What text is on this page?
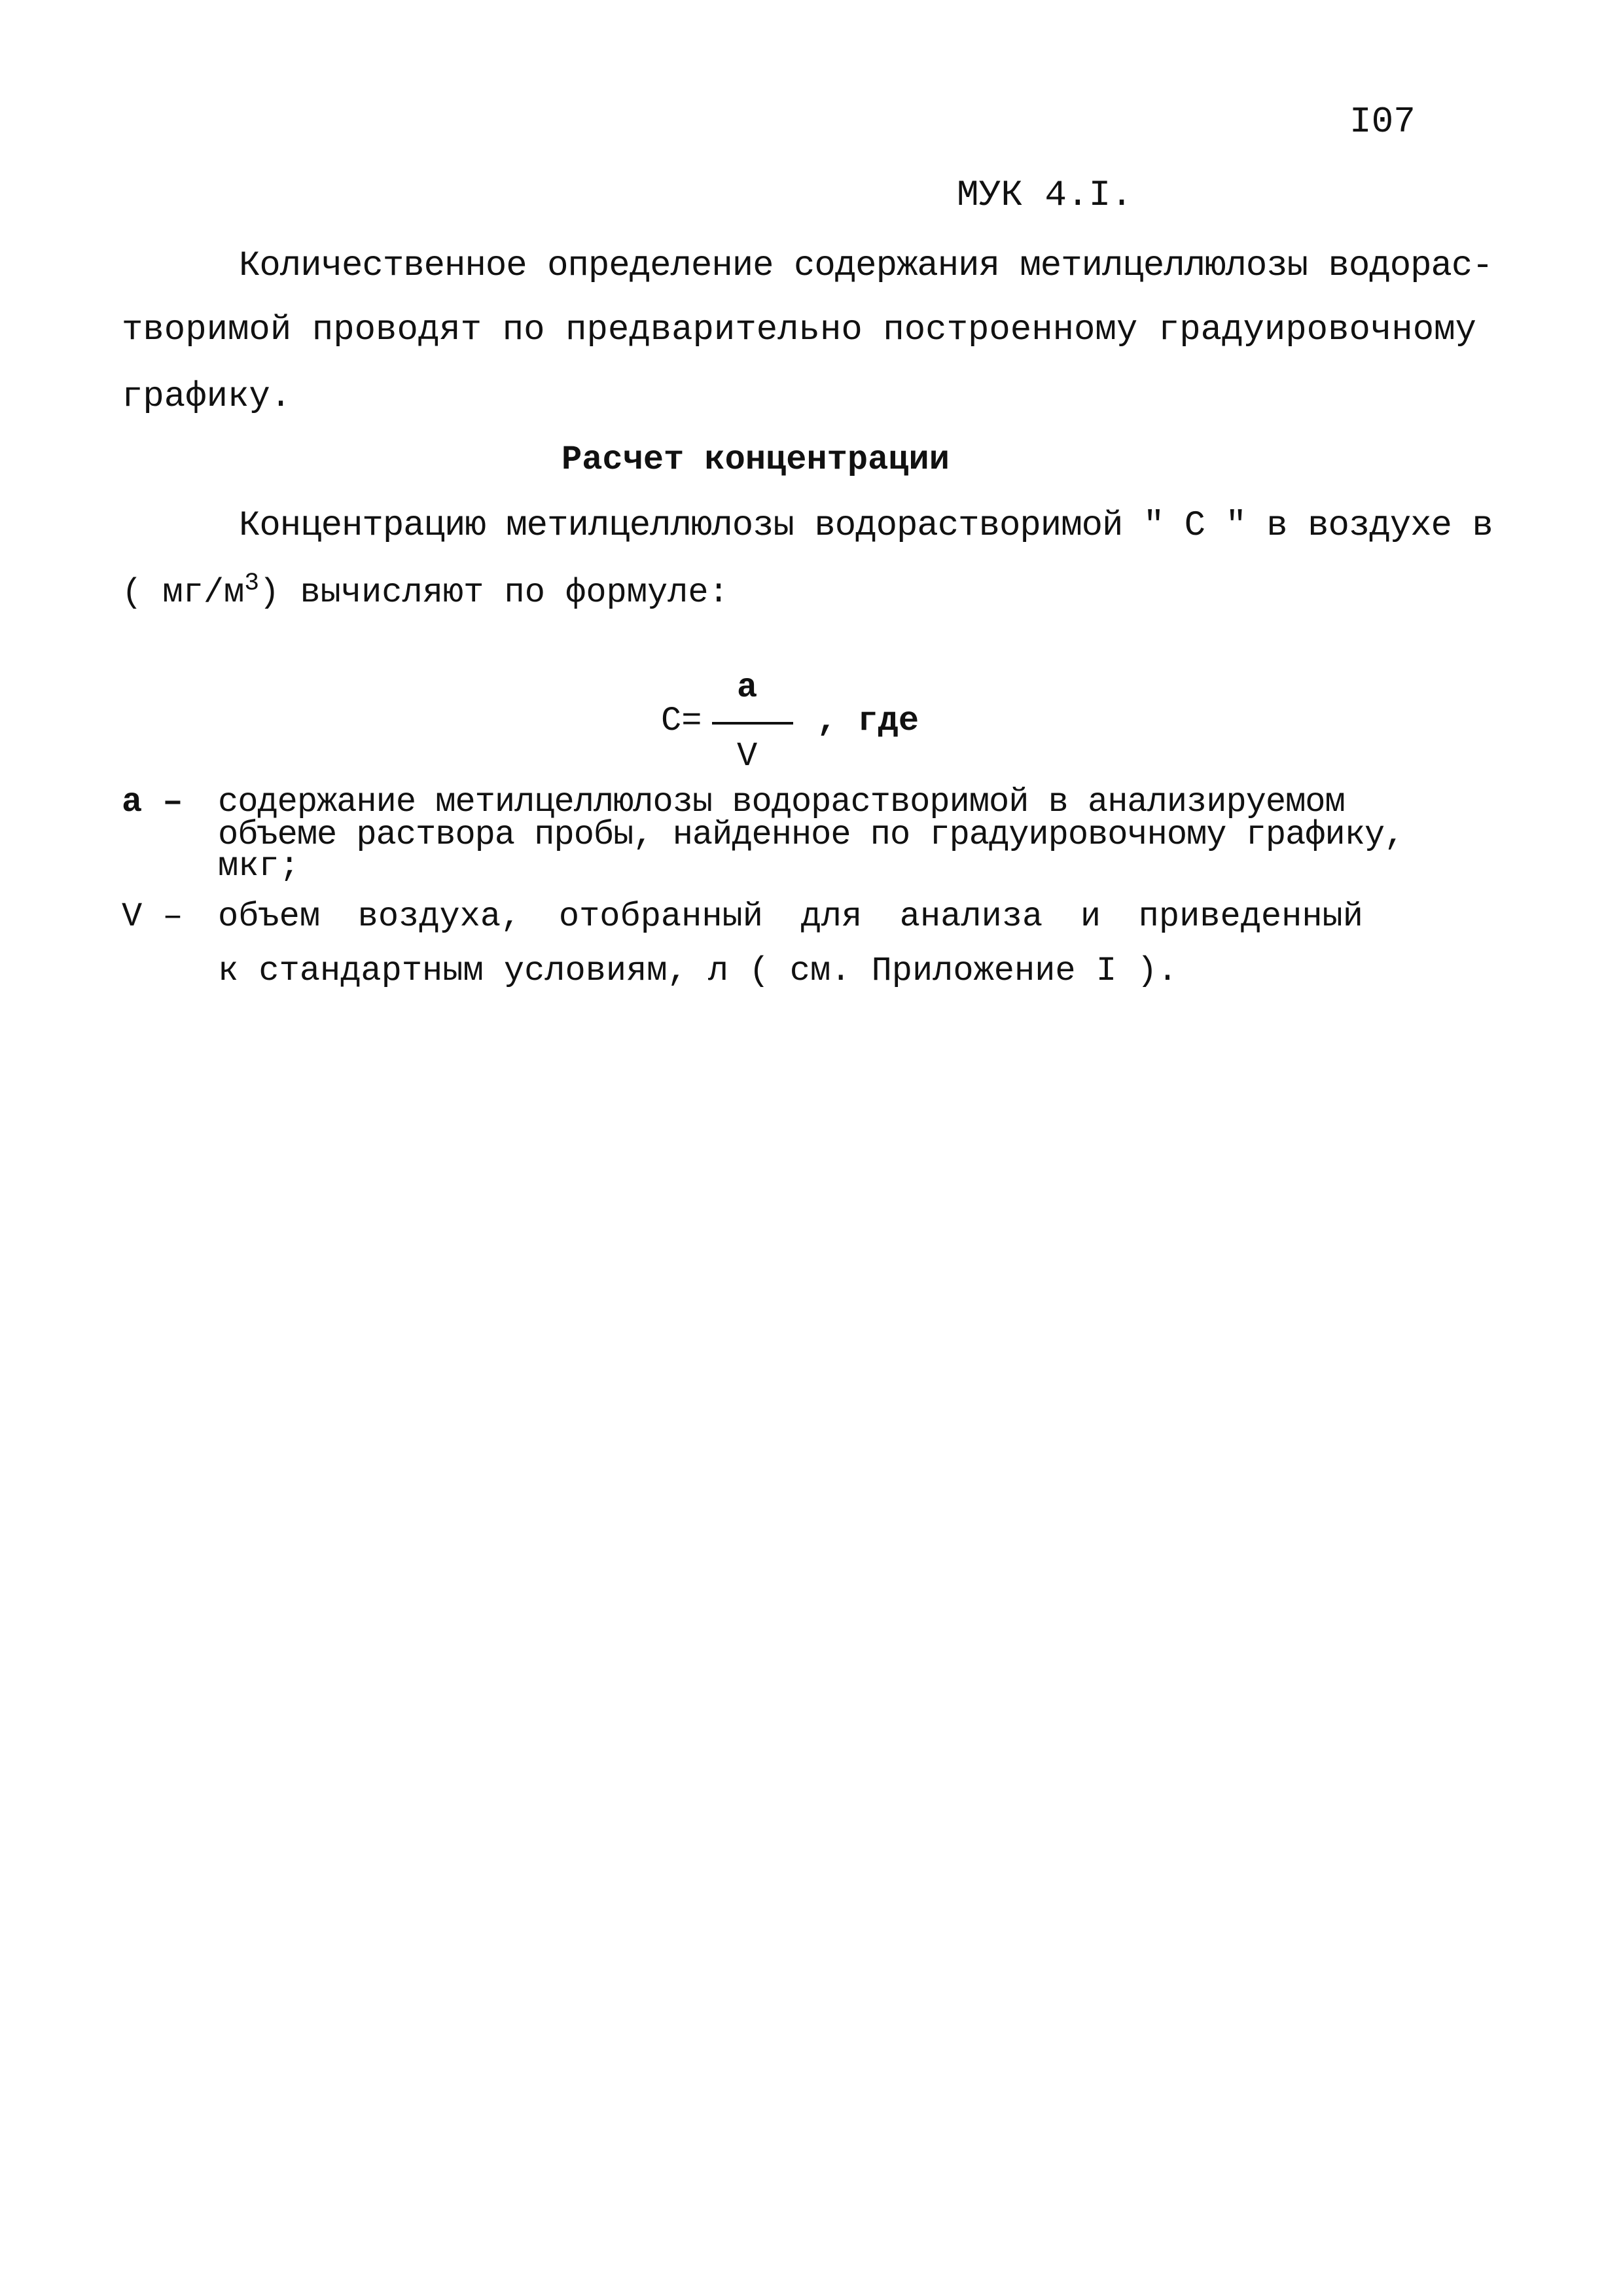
I07
МУК 4.I.
Количественное определение содержания метилцеллюлозы водорас-
творимой проводят по предварительно построенному градуировочному
графику.
Расчет концентрации
Концентрацию метилцеллюлозы водорастворимой " С " в воздухе в
( $мг/м^3$) вычисляют по формуле:
a
С=	, где
V
а – содержание метилцеллюлозы водорастворимой в анализируемом
объеме раствора пробы, найденное по градуировочному графику,
мкг;
V – объем воздуха, отобранный для анализа и приведенный
к стандартным условиям, л ( см. Приложение I ).
